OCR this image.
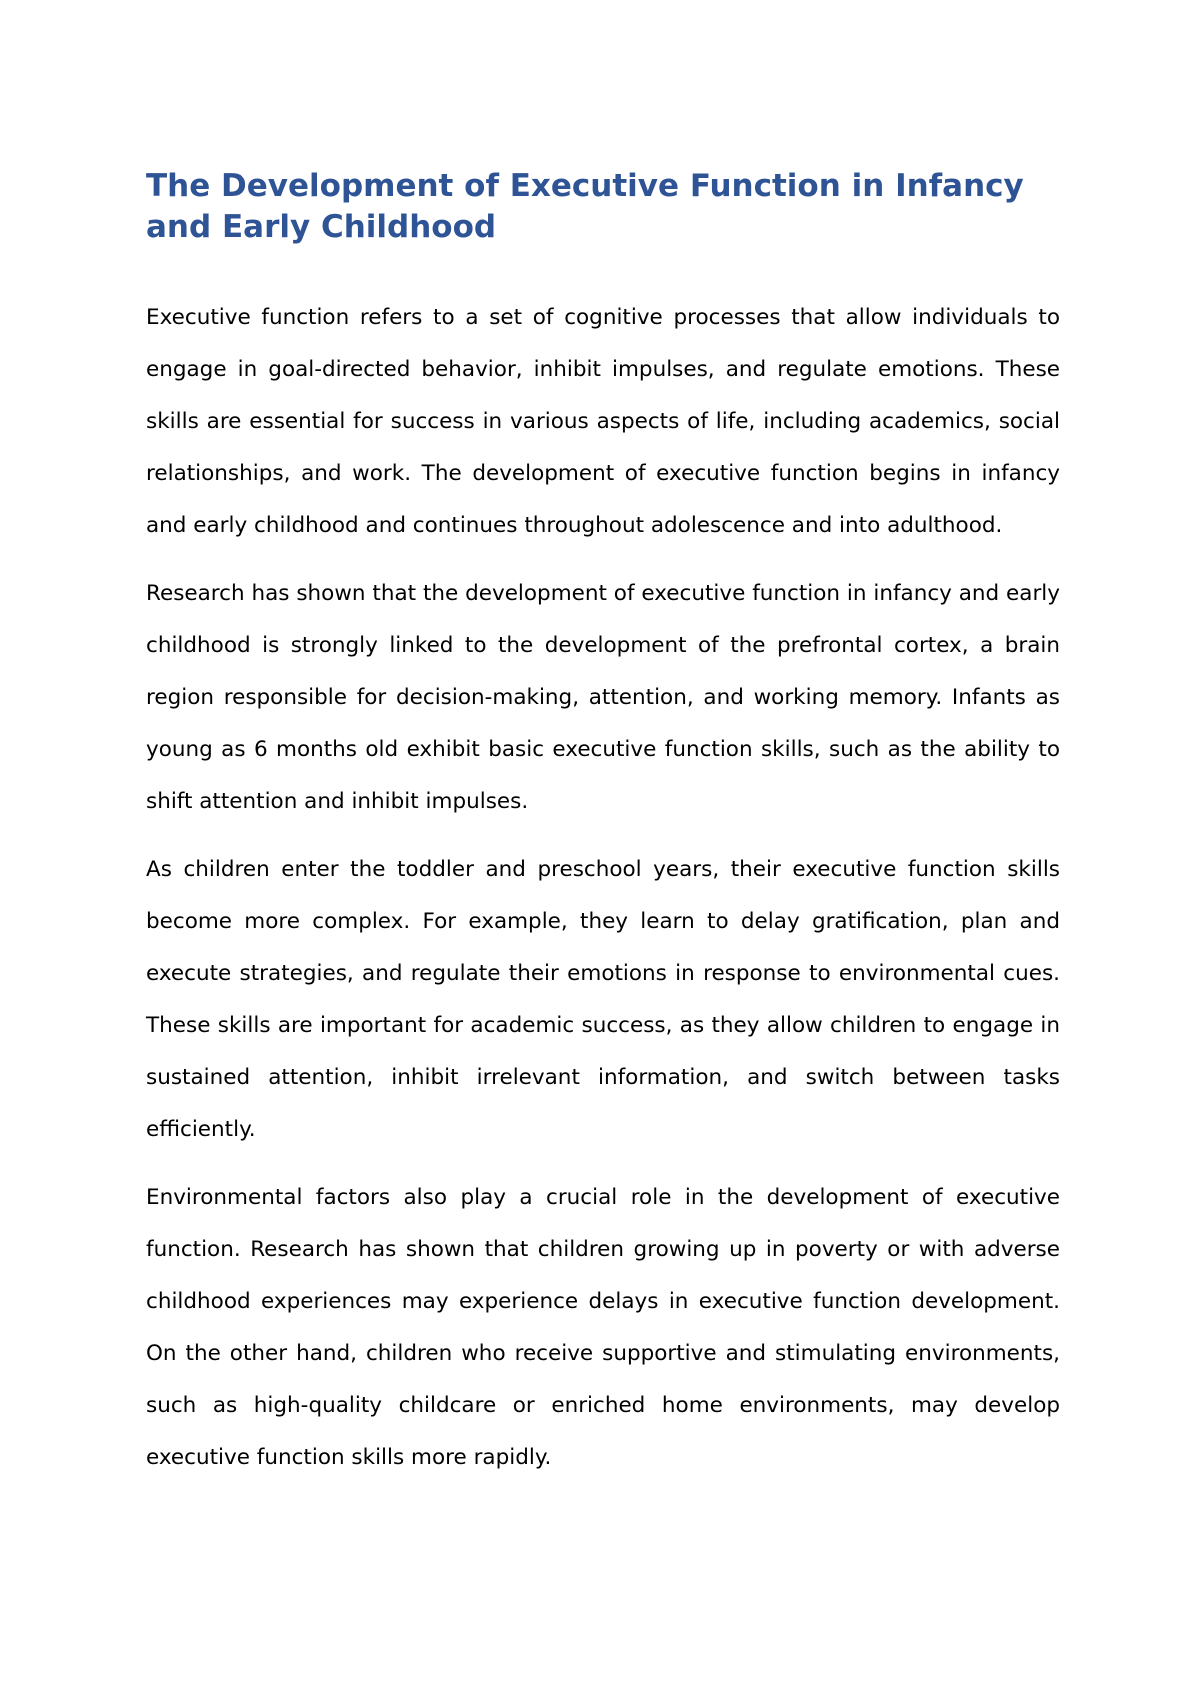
The Development of Executive Function in Infancy and Early Childhood

Executive function refers to a set of cognitive processes that allow individuals to engage in goal-directed behavior, inhibit impulses, and regulate emotions. These skills are essential for success in various aspects of life, including academics, social relationships, and work. The development of executive function begins in infancy and early childhood and continues throughout adolescence and into adulthood.

Research has shown that the development of executive function in infancy and early childhood is strongly linked to the development of the prefrontal cortex, a brain region responsible for decision-making, attention, and working memory. Infants as young as 6 months old exhibit basic executive function skills, such as the ability to shift attention and inhibit impulses.

As children enter the toddler and preschool years, their executive function skills become more complex. For example, they learn to delay gratification, plan and execute strategies, and regulate their emotions in response to environmental cues. These skills are important for academic success, as they allow children to engage in sustained attention, inhibit irrelevant information, and switch between tasks efficiently.

Environmental factors also play a crucial role in the development of executive function. Research has shown that children growing up in poverty or with adverse childhood experiences may experience delays in executive function development. On the other hand, children who receive supportive and stimulating environments, such as high-quality childcare or enriched home environments, may develop executive function skills more rapidly.
